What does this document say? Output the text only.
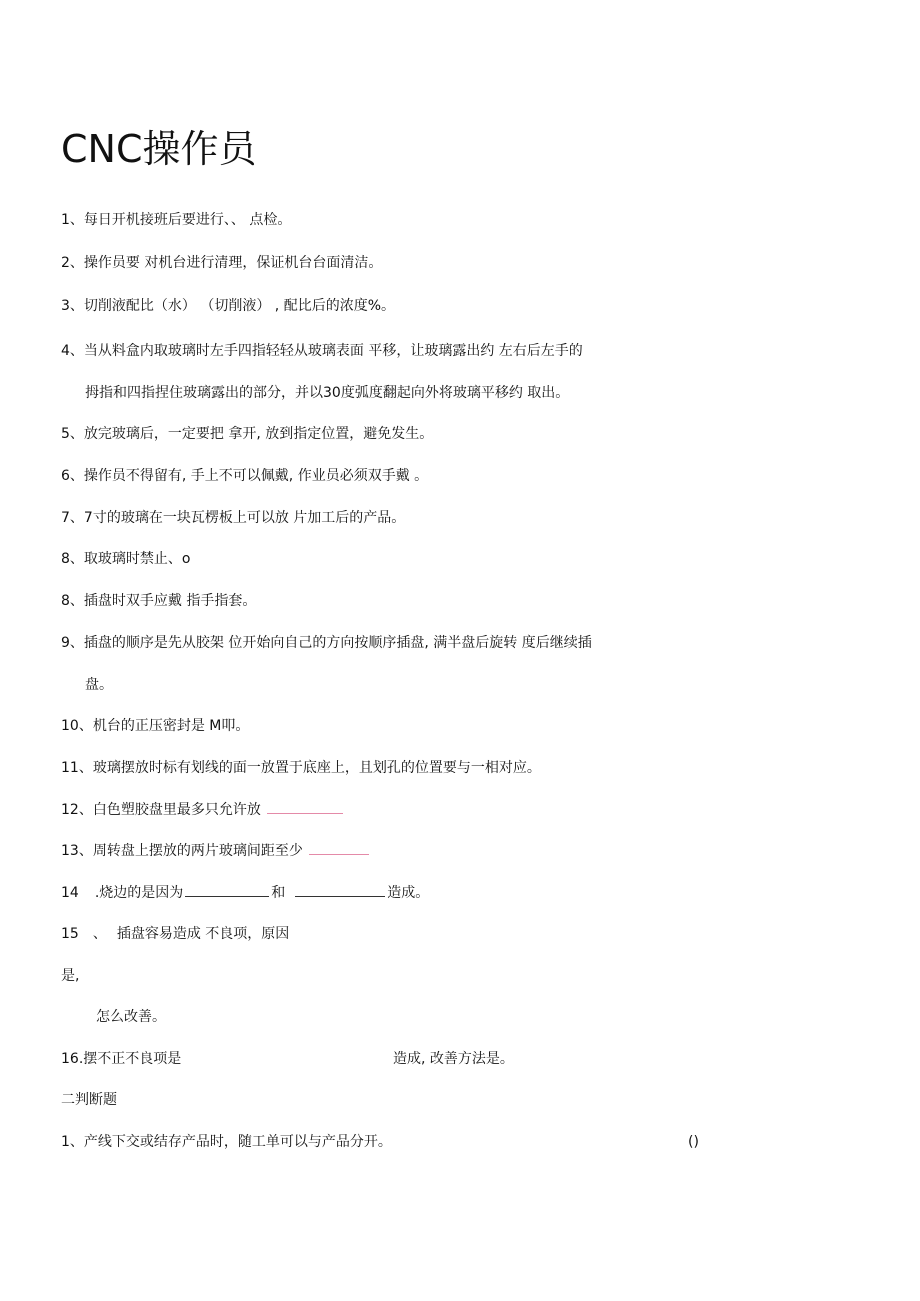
CNC操作员
1、每日开机接班后要进行、、 点检。
2、操作员要 对机台进行清理，保证机台台面清洁。
3、切削液配比（水） （切削液） , 配比后的浓度%。
4、当从料盒内取玻璃时左手四指轻轻从玻璃表面 平移，让玻璃露出约 左右后左手的
拇指和四指捏住玻璃露出的部分，并以30度弧度翻起向外将玻璃平移约 取出。
5、放完玻璃后，一定要把 拿开, 放到指定位置，避免发生。
6、操作员不得留有, 手上不可以佩戴, 作业员必须双手戴 。
7、7寸的玻璃在一块瓦楞板上可以放 片加工后的产品。
8、取玻璃时禁止、o
8、插盘时双手应戴 指手指套。
9、插盘的顺序是先从胶架 位开始向自己的方向按顺序插盘, 满半盘后旋转 度后继续插
盘。
10、机台的正压密封是 M叩。
11、玻璃摆放时标有划线的面一放置于底座上，且划孔的位置要与一相对应。
12、白色塑胶盘里最多只允许放
13、周转盘上摆放的两片玻璃间距至少
14 .烧边的是因为	和	造成。
15 、 插盘容易造成 不良项，原因
是,
怎么改善。
16.摆不正不良项是	造成, 改善方法是。
二判断题
1、产线下交或结存产品时，随工单可以与产品分开。	()
